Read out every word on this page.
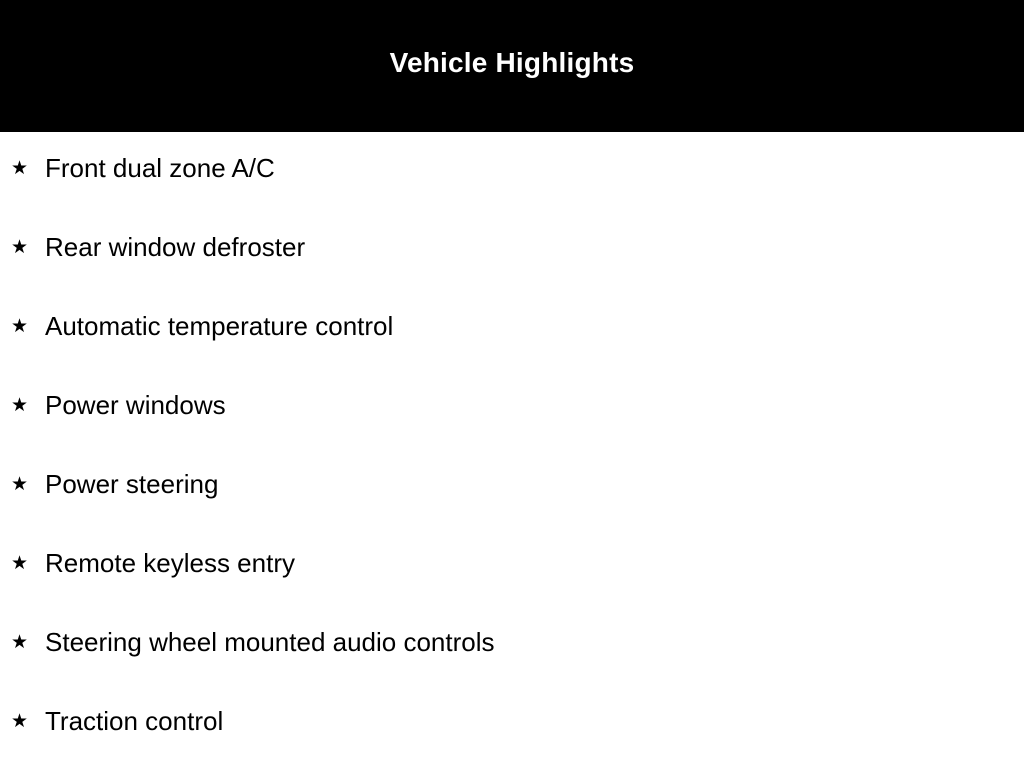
Vehicle Highlights
★ Front dual zone A/C
★ Rear window defroster
★ Automatic temperature control
★ Power windows
★ Power steering
★ Remote keyless entry
★ Steering wheel mounted audio controls
★ Traction control
